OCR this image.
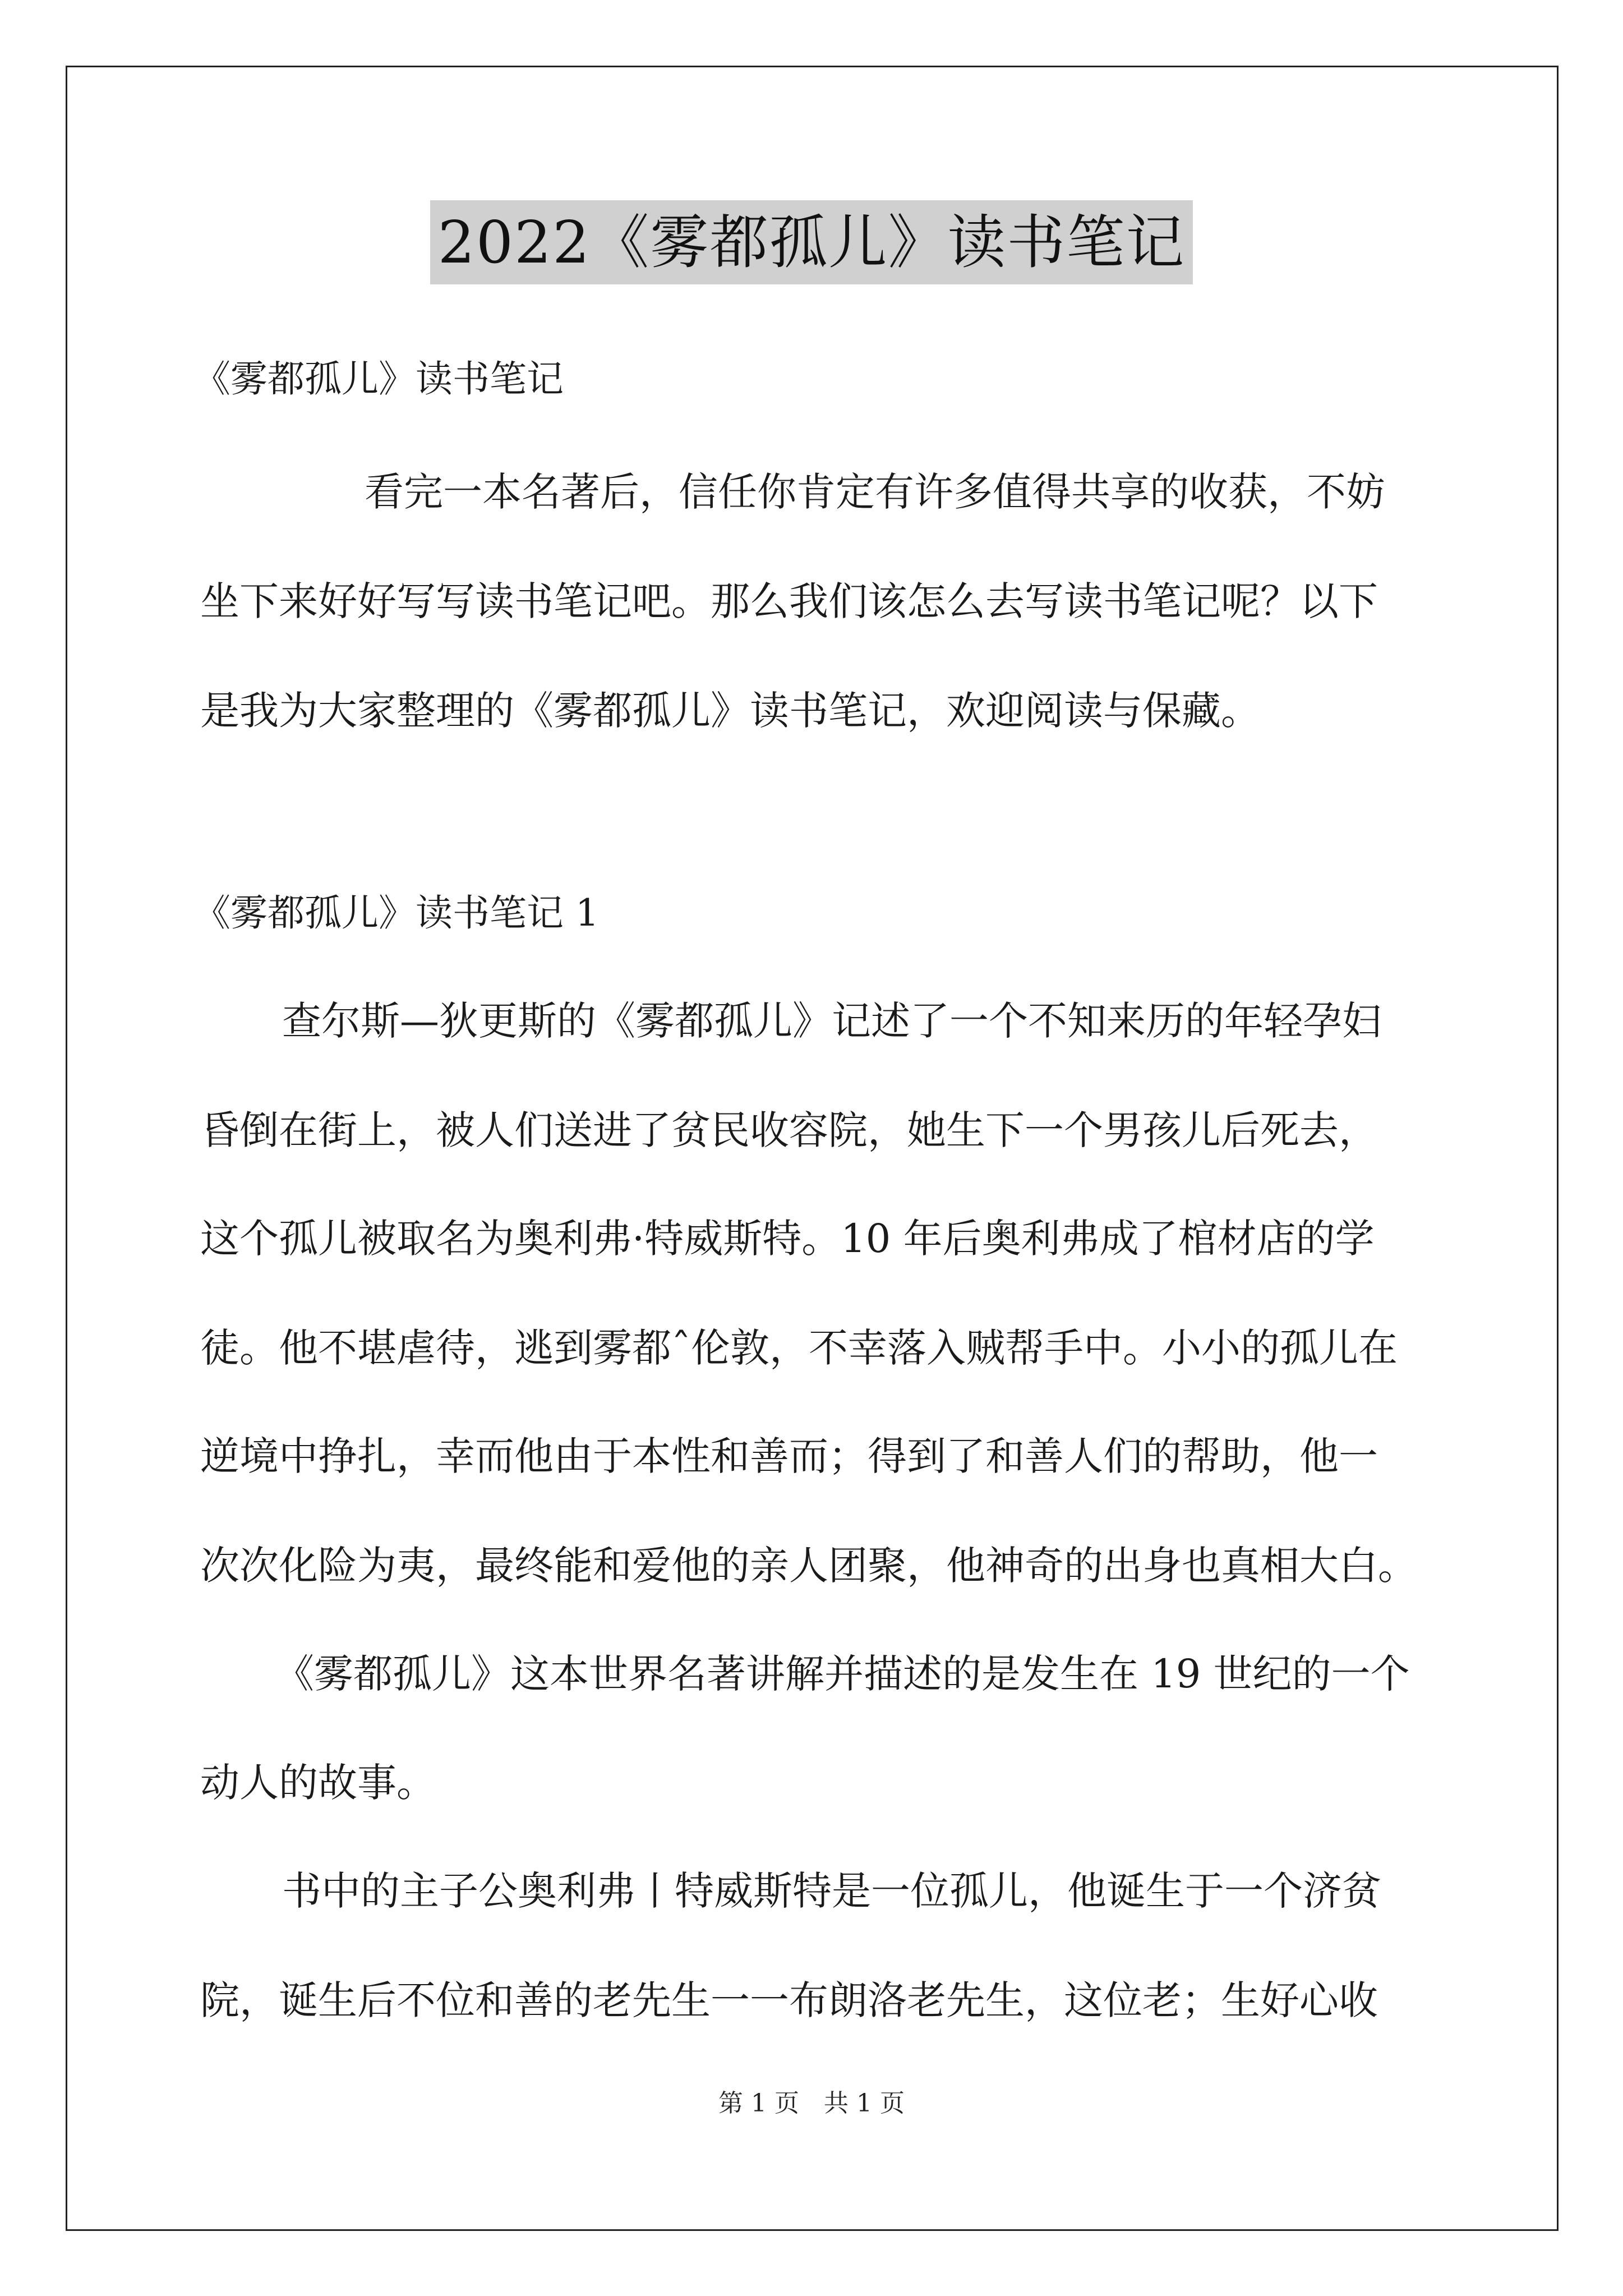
2022《雾都孤儿》读书笔记
《雾都孤儿》读书笔记
看完一本名著后，信任你肯定有许多值得共享的收获，不妨
坐下来好好写写读书笔记吧。那么我们该怎么去写读书笔记呢？以下
是我为大家整理的《雾都孤儿》读书笔记，欢迎阅读与保藏。
《雾都孤儿》读书笔记 1
查尔斯—狄更斯的《雾都孤儿》记述了一个不知来历的年轻孕妇
昏倒在街上，被人们送进了贫民收容院，她生下一个男孩儿后死去，
这个孤儿被取名为奥利弗·特威斯特。10 年后奥利弗成了棺材店的学
徒。他不堪虐待，逃到雾都ˆ伦敦，不幸落入贼帮手中。小小的孤儿在
逆境中挣扎，幸而他由于本性和善而；得到了和善人们的帮助，他一
次次化险为夷，最终能和爱他的亲人团聚，他神奇的出身也真相大白。
《雾都孤儿》这本世界名著讲解并描述的是发生在 19 世纪的一个
动人的故事。
书中的主子公奥利弗丨特威斯特是一位孤儿，他诞生于一个济贫
院，诞生后不位和善的老先生一一布朗洛老先生，这位老；生好心收
第 1 页　共 1 页
